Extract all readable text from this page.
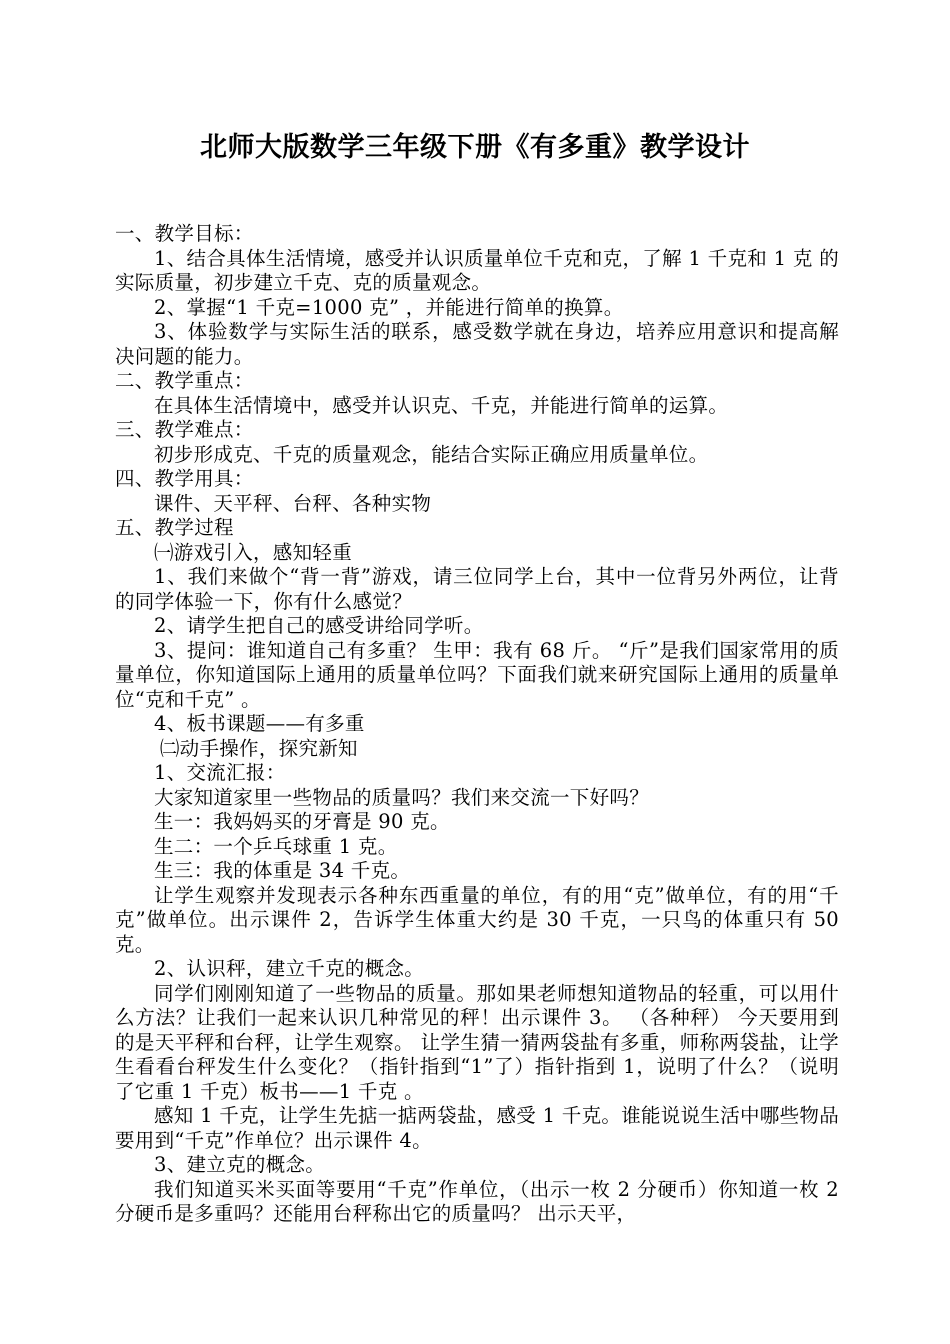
北师大版数学三年级下册《有多重》教学设计

一、教学目标：

1、结合具体生活情境，感受并认识质量单位千克和克，了解 1 千克和 1 克 的实际质量，初步建立千克、克的质量观念。

2、掌握“1 千克=1000 克” ，并能进行简单的换算。

3、体验数学与实际生活的联系，感受数学就在身边，培养应用意识和提高解决问题的能力。

二、教学重点：

在具体生活情境中，感受并认识克、千克，并能进行简单的运算。

三、教学难点：

初步形成克、千克的质量观念，能结合实际正确应用质量单位。

四、教学用具：

课件、天平秤、台秤、各种实物

五、教学过程

㈠游戏引入，感知轻重

1、我们来做个“背一背”游戏，请三位同学上台，其中一位背另外两位，让背的同学体验一下，你有什么感觉？

2、请学生把自己的感受讲给同学听。

3、提问：谁知道自己有多重？ 生甲：我有 68 斤。 “斤”是我们国家常用的质量单位，你知道国际上通用的质量单位吗？下面我们就来研究国际上通用的质量单位“克和千克” 。

4、板书课题——有多重

㈡动手操作，探究新知

1、交流汇报：

大家知道家里一些物品的质量吗？我们来交流一下好吗？

生一：我妈妈买的牙膏是 90 克。

生二：一个乒乓球重 1 克。

生三：我的体重是 34 千克。

让学生观察并发现表示各种东西重量的单位，有的用“克”做单位，有的用“千克”做单位。出示课件 2，告诉学生体重大约是 30 千克，一只鸟的体重只有 50 克。

2、认识秤，建立千克的概念。

同学们刚刚知道了一些物品的质量。那如果老师想知道物品的轻重，可以用什么方法？让我们一起来认识几种常见的秤！出示课件 3。 （各种秤） 今天要用到的是天平秤和台秤，让学生观察。 让学生猜一猜两袋盐有多重，师称两袋盐，让学生看看台秤发生什么变化？（指针指到“1”了）指针指到 1，说明了什么？（说明了它重 1 千克）板书——1 千克 。

感知 1 千克，让学生先掂一掂两袋盐，感受 1 千克。谁能说说生活中哪些物品要用到“千克”作单位？出示课件 4。

3、建立克的概念。

我们知道买米买面等要用“千克”作单位，（出示一枚 2 分硬币）你知道一枚 2 分硬币是多重吗？还能用台秤称出它的质量吗？ 出示天平，
